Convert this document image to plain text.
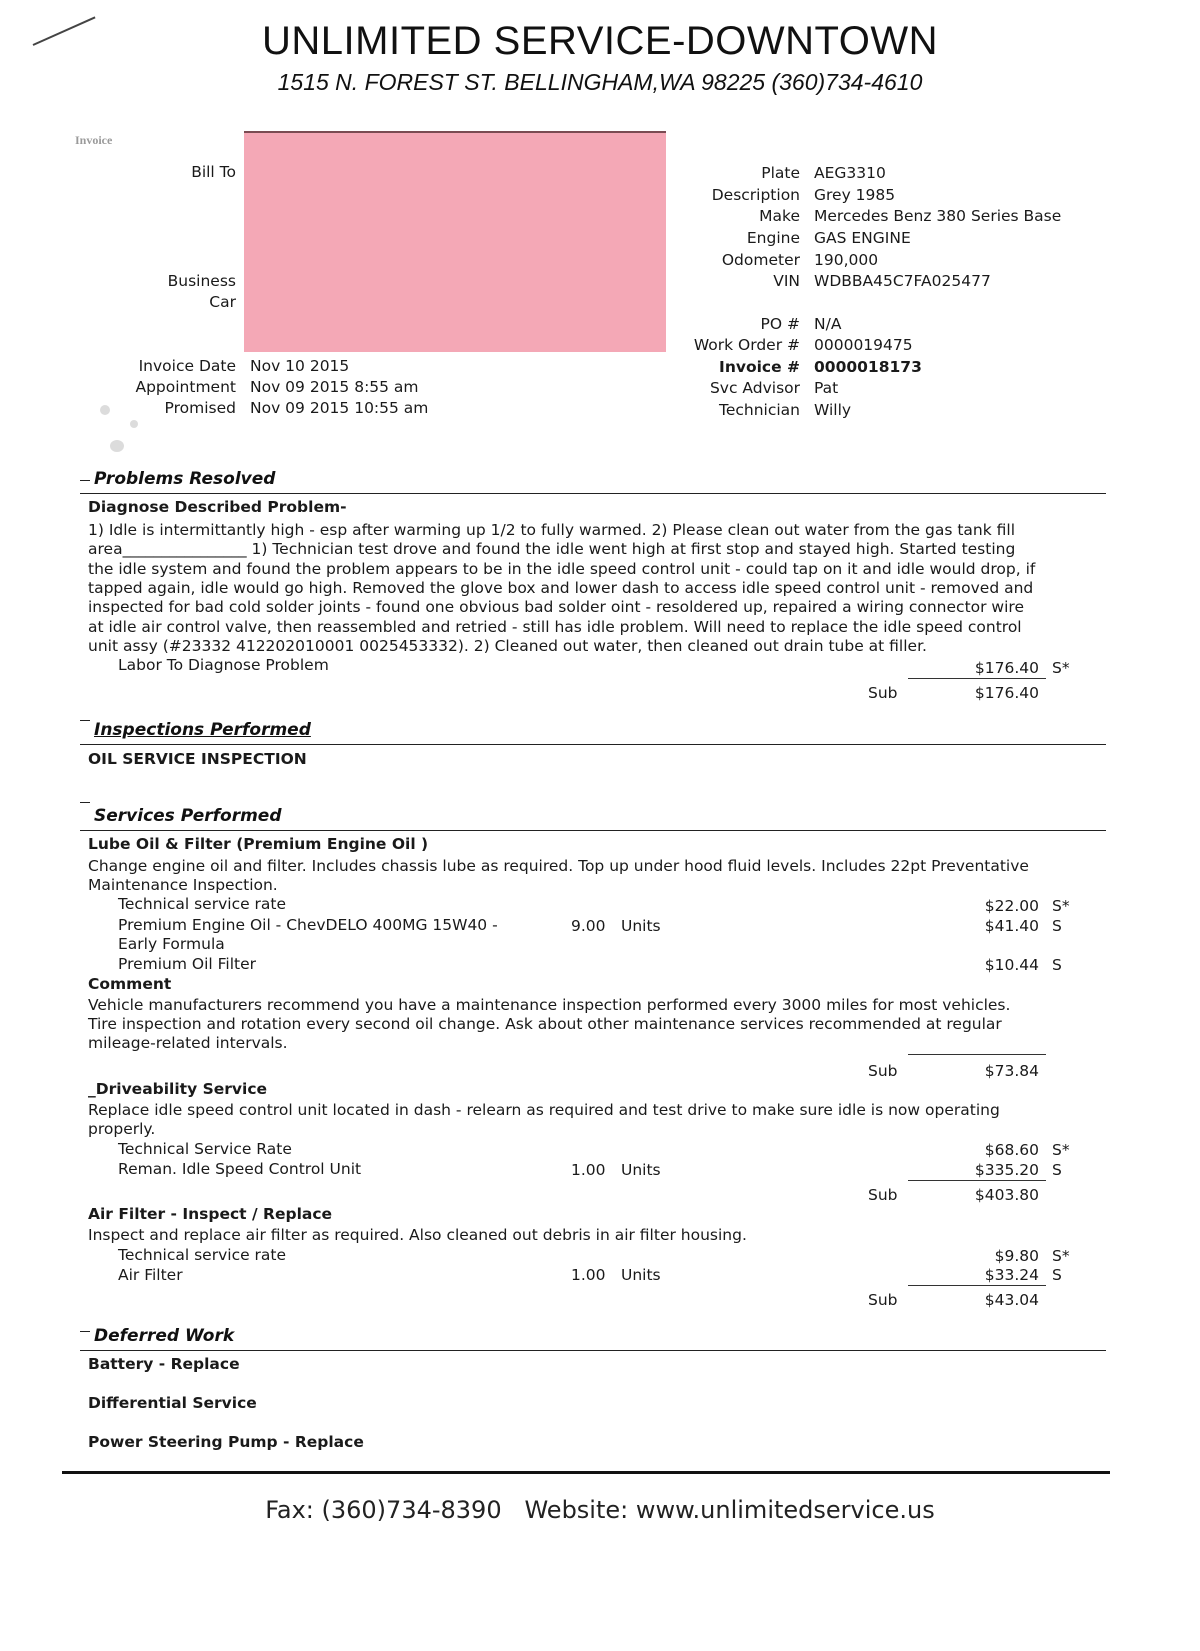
UNLIMITED SERVICE-DOWNTOWN
1515 N. FOREST ST. BELLINGHAM,WA 98225 (360)734-4610
Invoice
Bill To
Business
Car
Invoice Date Nov 10 2015
Appointment Nov 09 2015 8:55 am
Promised Nov 09 2015 10:55 am
Plate AEG3310
Description Grey 1985
Make Mercedes Benz 380 Series Base
Engine GAS ENGINE
Odometer 190,000
VIN WDBBA45C7FA025477
PO # N/A
Work Order # 0000019475
Invoice # 0000018173
Svc Advisor Pat
Technician Willy
Problems Resolved
Diagnose Described Problem-
1) Idle is intermittantly high - esp after warming up 1/2 to fully warmed. 2) Please clean out water from the gas tank fill
area________________ 1) Technician test drove and found the idle went high at first stop and stayed high. Started testing
the idle system and found the problem appears to be in the idle speed control unit - could tap on it and idle would drop, if
tapped again, idle would go high. Removed the glove box and lower dash to access idle speed control unit - removed and
inspected for bad cold solder joints - found one obvious bad solder oint - resoldered up, repaired a wiring connector wire
at idle air control valve, then reassembled and retried - still has idle problem. Will need to replace the idle speed control
unit assy (#23332 412202010001 0025453332). 2) Cleaned out water, then cleaned out drain tube at filler.
Labor To Diagnose Problem	$176.40 S*
Sub	$176.40
Inspections Performed
OIL SERVICE INSPECTION
Services Performed
Lube Oil & Filter (Premium Engine Oil )
Change engine oil and filter. Includes chassis lube as required. Top up under hood fluid levels. Includes 22pt Preventative
Maintenance Inspection.
Technical service rate	$22.00 S*
Premium Engine Oil - ChevDELO 400MG 15W40 -	9.00 Units	$41.40 S
Early Formula
Premium Oil Filter	$10.44 S
Comment
Vehicle manufacturers recommend you have a maintenance inspection performed every 3000 miles for most vehicles.
Tire inspection and rotation every second oil change. Ask about other maintenance services recommended at regular
mileage-related intervals.
Sub	$73.84
_Driveability Service
Replace idle speed control unit located in dash - relearn as required and test drive to make sure idle is now operating
properly.
Technical Service Rate	$68.60 S*
Reman. Idle Speed Control Unit	1.00 Units	$335.20 S
Sub	$403.80
Air Filter - Inspect / Replace
Inspect and replace air filter as required. Also cleaned out debris in air filter housing.
Technical service rate	$9.80 S*
Air Filter	1.00 Units	$33.24 S
Sub	$43.04
Deferred Work
Battery - Replace
Differential Service
Power Steering Pump - Replace
Fax: (360)734-8390   Website: www.unlimitedservice.us
